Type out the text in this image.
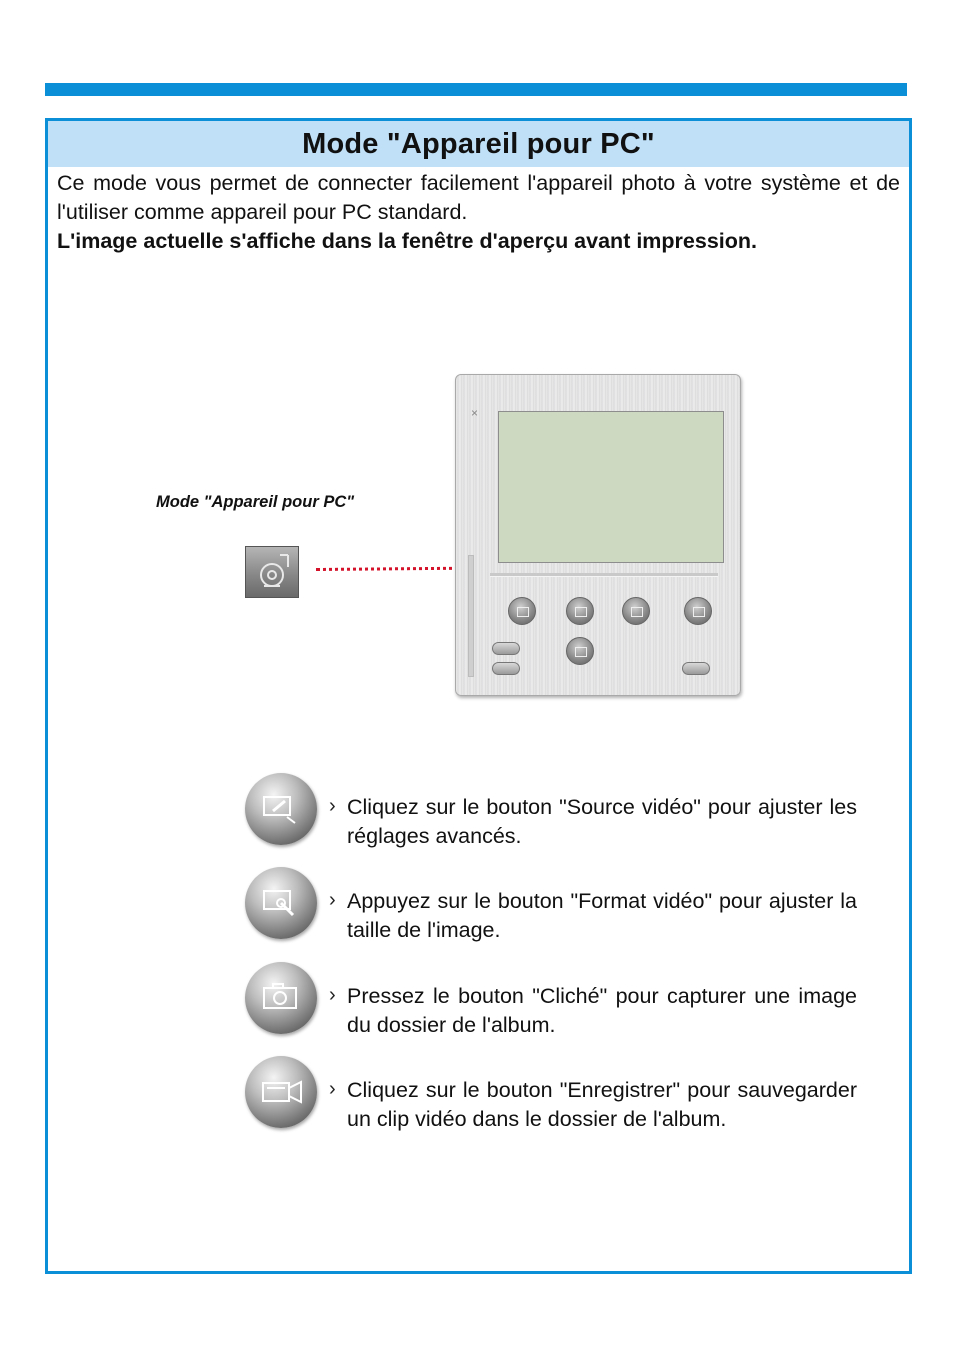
Mode "Appareil pour PC"

Ce mode vous permet de connecter facilement l'appareil photo à votre système et de l'utiliser comme appareil pour PC standard.

L'image actuelle s'affiche dans la fenêtre d'aperçu avant impression.

Mode "Appareil pour PC"
×
› Cliquez sur le bouton "Source vidéo" pour ajuster les réglages avancés.

› Appuyez sur le bouton "Format vidéo" pour ajuster la taille de l'image.

› Pressez le bouton "Cliché" pour capturer une image du dossier de l'album.

› Cliquez sur le bouton "Enregistrer" pour sauvegarder un clip vidéo dans le dossier de l'album.
